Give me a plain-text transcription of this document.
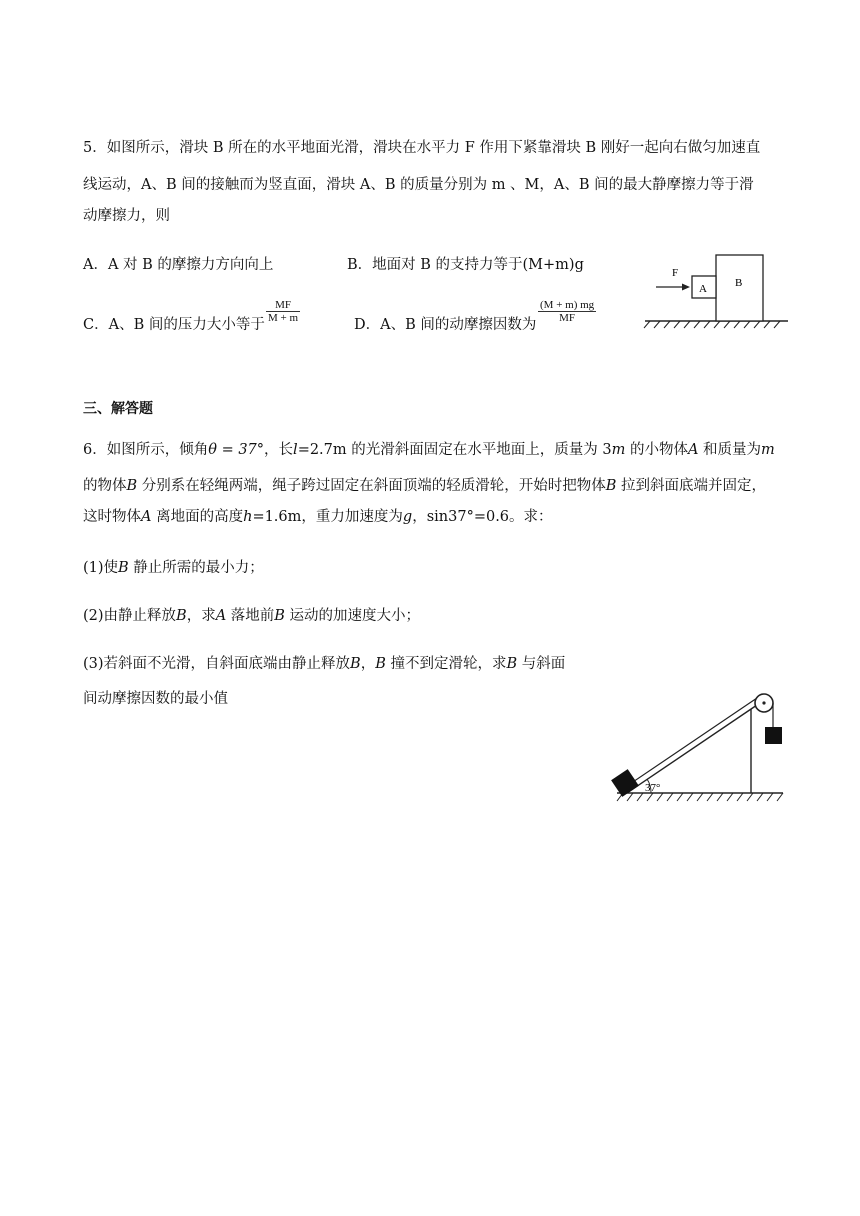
5．如图所示，滑块 B 所在的水平地面光滑，滑块在水平力 F 作用下紧靠滑块 B 刚好一起向右做匀加速直
线运动，A、B 间的接触而为竖直面，滑块 A、B 的质量分别为 m 、M，A、B 间的最大静摩擦力等于滑
动摩擦力，则
A．A 对 B 的摩擦力方向向上	B．地面对 B 的支持力等于(M+m)g
C．A、B 间的压力大小等于
MF
M + m	D．A、B 间的动摩擦因数为
(M + m) mg
MF
F
A	B
三、解答题
6．如图所示，倾角θ = 37°，长l=2.7m 的光滑斜面固定在水平地面上，质量为 3m 的小物体A 和质量为m
的物体B 分别系在轻绳两端，绳子跨过固定在斜面顶端的轻质滑轮，开始时把物体B 拉到斜面底端并固定，
这时物体A 离地面的高度h=1.6m，重力加速度为g，sin37°=0.6。求：
(1)使B 静止所需的最小力；
(2)由静止释放B，求A 落地前B 运动的加速度大小；
(3)若斜面不光滑，自斜面底端由静止释放B，B 撞不到定滑轮，求B 与斜面
间动摩擦因数的最小值
37°
